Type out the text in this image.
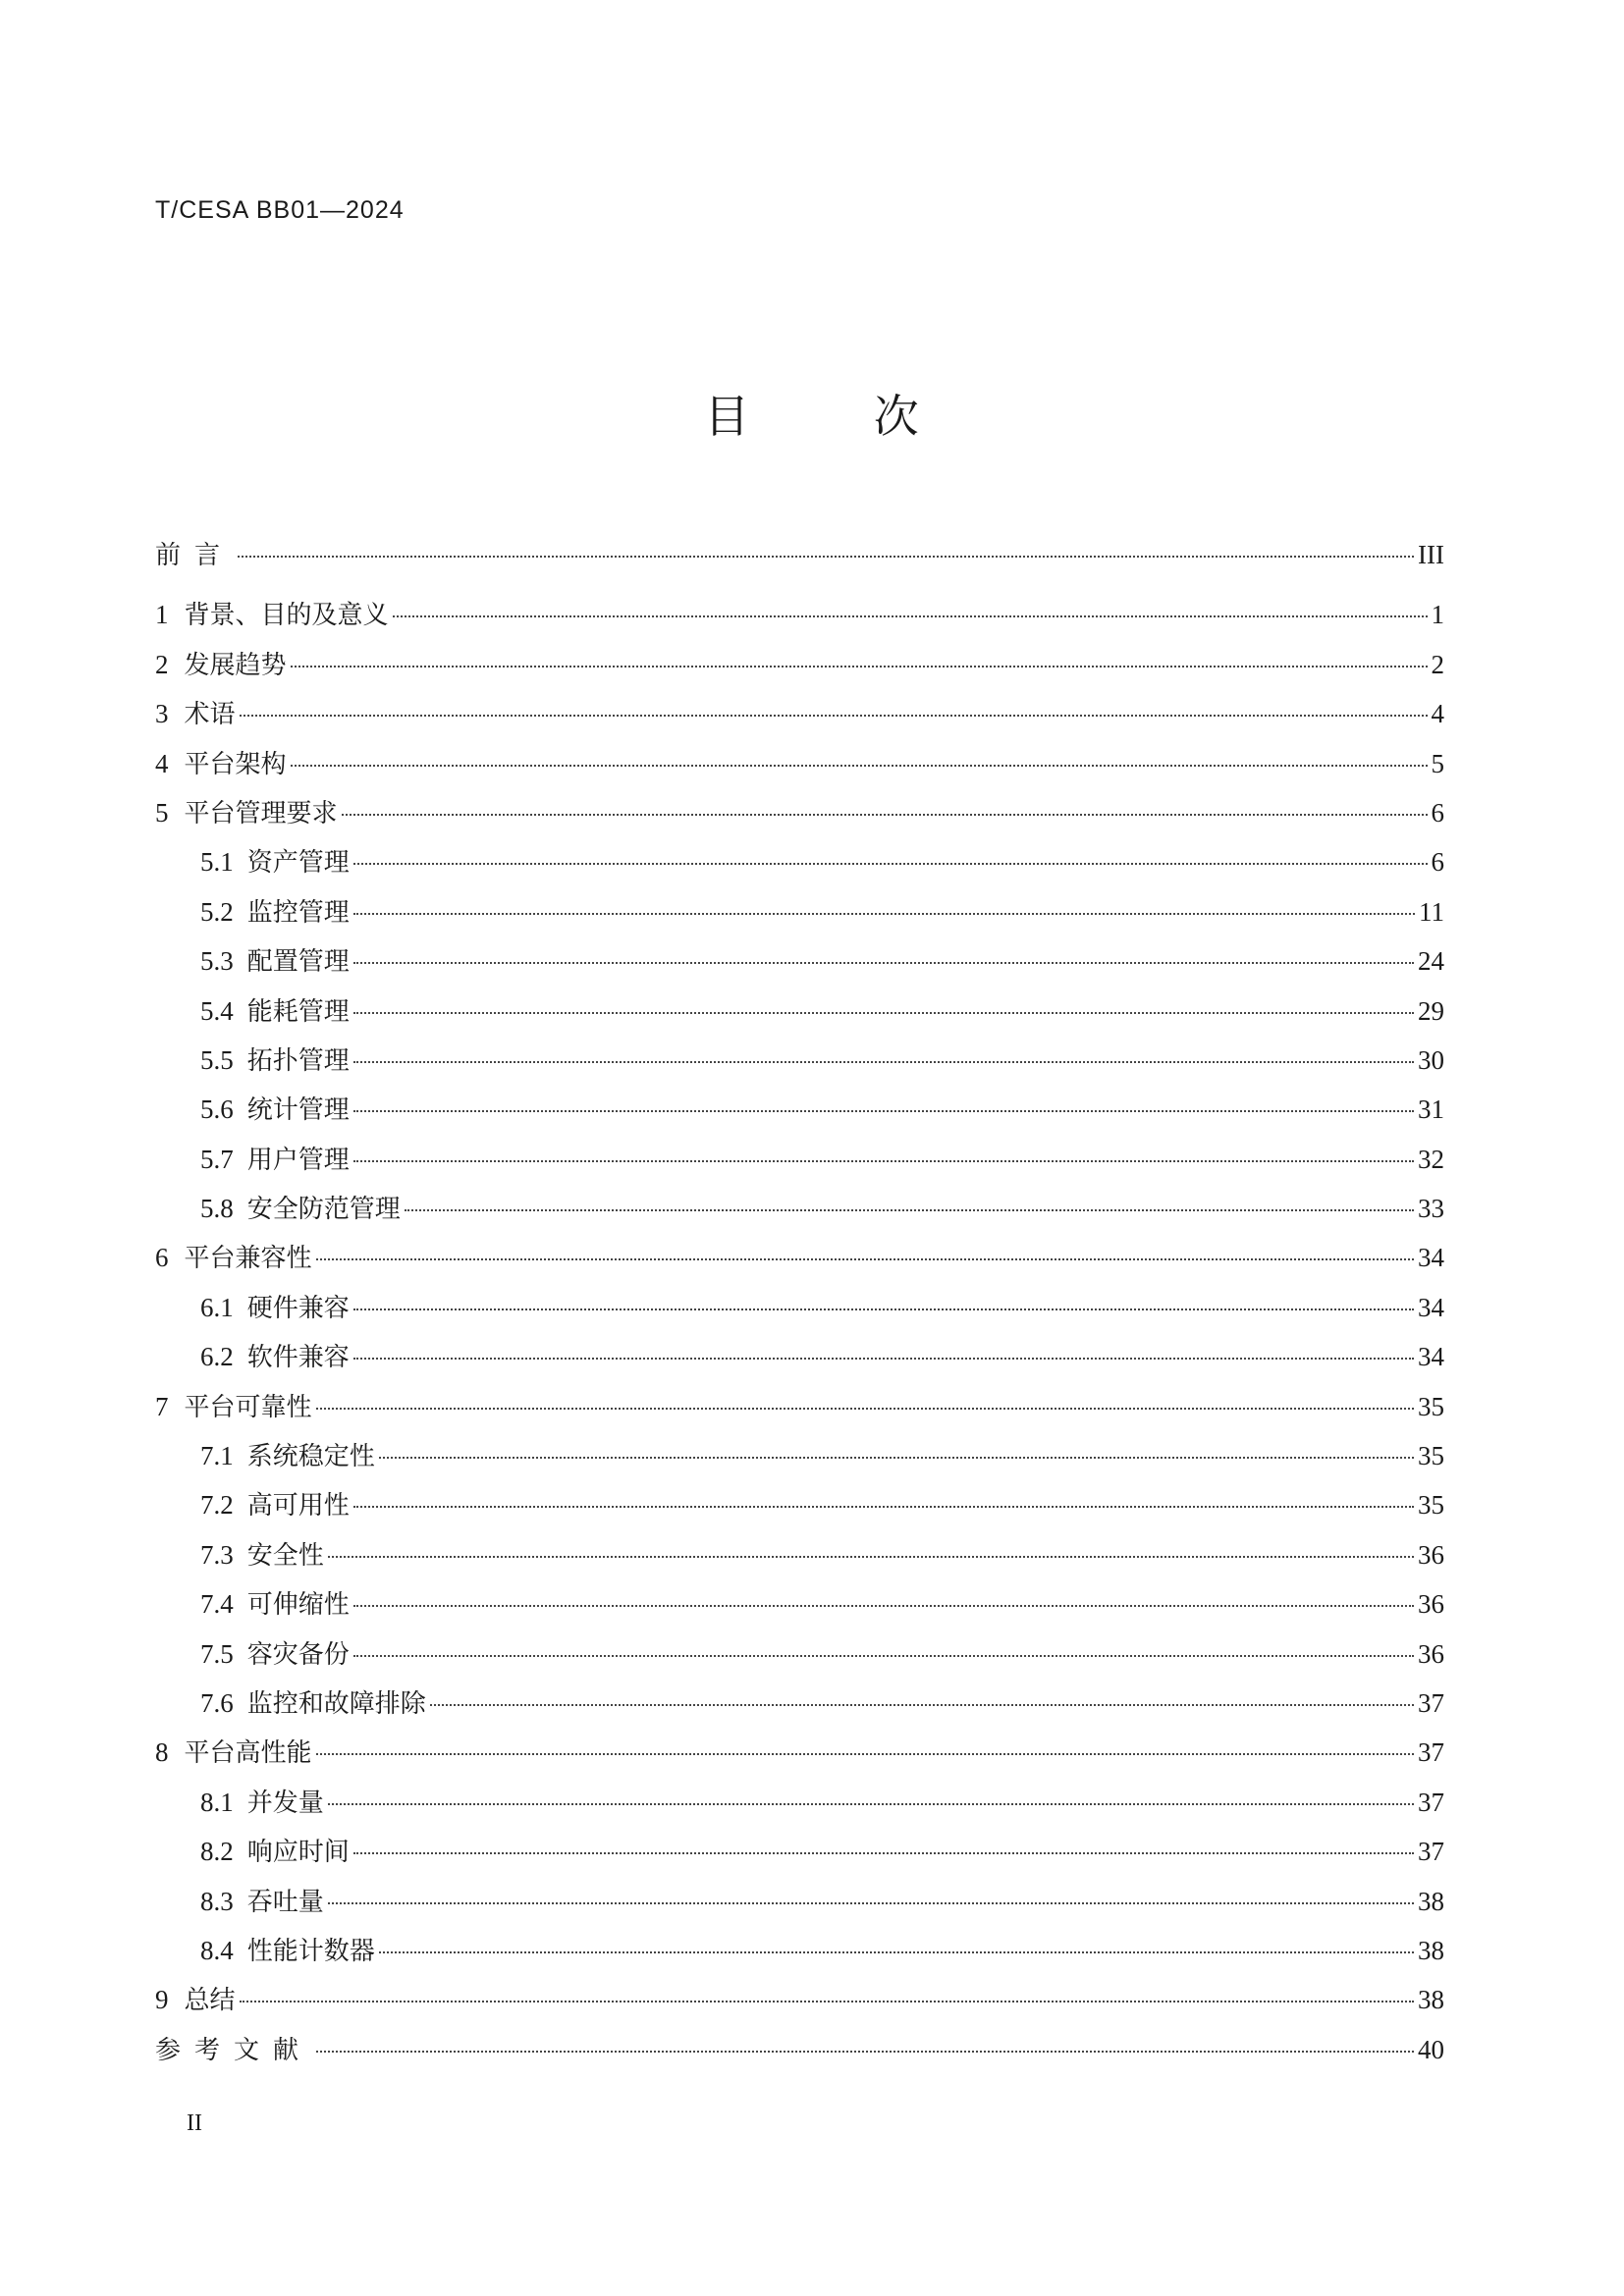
T/CESA BB01—2024
目 次
前言	III
1 背景、目的及意义	1
2 发展趋势	2
3 术语	4
4 平台架构	5
5 平台管理要求	6
5.1 资产管理	6
5.2 监控管理	11
5.3 配置管理	24
5.4 能耗管理	29
5.5 拓扑管理	30
5.6 统计管理	31
5.7 用户管理	32
5.8 安全防范管理	33
6 平台兼容性	34
6.1 硬件兼容	34
6.2 软件兼容	34
7 平台可靠性	35
7.1 系统稳定性	35
7.2 高可用性	35
7.3 安全性	36
7.4 可伸缩性	36
7.5 容灾备份	36
7.6 监控和故障排除	37
8 平台高性能	37
8.1 并发量	37
8.2 响应时间	37
8.3 吞吐量	38
8.4 性能计数器	38
9 总结	38
参考文献	40
II
